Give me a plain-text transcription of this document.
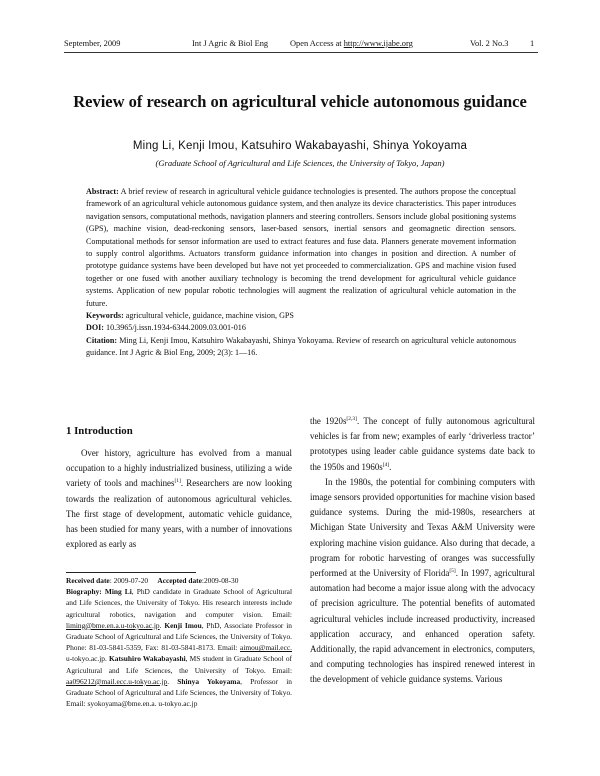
September, 2009	Int J Agric & Biol Eng	Open Access at http://www.ijabe.org	Vol. 2 No.3	1
Review of research on agricultural vehicle autonomous guidance
Ming Li, Kenji Imou, Katsuhiro Wakabayashi, Shinya Yokoyama
(Graduate School of Agricultural and Life Sciences, the University of Tokyo, Japan)

Abstract: A brief review of research in agricultural vehicle guidance technologies is presented. The authors propose the conceptual framework of an agricultural vehicle autonomous guidance system, and then analyze its device characteristics. This paper introduces navigation sensors, computational methods, navigation planners and steering controllers. Sensors include global positioning systems (GPS), machine vision, dead-reckoning sensors, laser-based sensors, inertial sensors and geomagnetic direction sensors. Computational methods for sensor information are used to extract features and fuse data. Planners generate movement information to supply control algorithms. Actuators transform guidance information into changes in position and direction. A number of prototype guidance systems have been developed but have not yet proceeded to commercialization. GPS and machine vision fused together or one fused with another auxiliary technology is becoming the trend development for agricultural vehicle guidance systems. Application of new popular robotic technologies will augment the realization of agricultural vehicle automation in the future.

Keywords: agricultural vehicle, guidance, machine vision, GPS

DOI: 10.3965/j.issn.1934-6344.2009.03.001-016

Citation: Ming Li, Kenji Imou, Katsuhiro Wakabayashi, Shinya Yokoyama. Review of research on agricultural vehicle autonomous guidance. Int J Agric & Biol Eng, 2009; 2(3): 1—16.

1 Introduction

Over history, agriculture has evolved from a manual occupation to a highly industrialized business, utilizing a wide variety of tools and machines[1]. Researchers are now looking towards the realization of autonomous agricultural vehicles. The first stage of development, automatic vehicle guidance, has been studied for many years, with a number of innovations explored as early as

the 1920s[2,3]. The concept of fully autonomous agricultural vehicles is far from new; examples of early ‘driverless tractor’ prototypes using leader cable guidance systems date back to the 1950s and 1960s[4].

In the 1980s, the potential for combining computers with image sensors provided opportunities for machine vision based guidance systems. During the mid-1980s, researchers at Michigan State University and Texas A&M University were exploring machine vision guidance. Also during that decade, a program for robotic harvesting of oranges was successfully performed at the University of Florida[5]. In 1997, agricultural automation had become a major issue along with the advocacy of precision agriculture. The potential benefits of automated agricultural vehicles include increased productivity, increased application accuracy, and enhanced operation safety. Additionally, the rapid advancement in electronics, computers, and computing technologies has inspired renewed interest in the development of vehicle guidance systems. Various

Received date: 2009-07-20 Accepted date:2009-08-30

Biography: Ming Li, PhD candidate in Graduate School of Agricultural and Life Sciences, the University of Tokyo. His research interests include agricultural robotics, navigation and computer vision. Email: liming@bme.en.a.u-tokyo.ac.jp. Kenji Imou, PhD, Associate Professor in Graduate School of Agricultural and Life Sciences, the University of Tokyo. Phone: 81-03-5841-5359, Fax: 81-03-5841-8173. Email: aimou@mail.ecc. u-tokyo.ac.jp. Katsuhiro Wakabayashi, MS student in Graduate School of Agricultural and Life Sciences, the University of Tokyo. Email: aa096212@mail.ecc.u-tokyo.ac.jp. Shinya Yokoyama, Professor in Graduate School of Agricultural and Life Sciences, the University of Tokyo. Email: syokoyama@bme.en.a. u-tokyo.ac.jp
